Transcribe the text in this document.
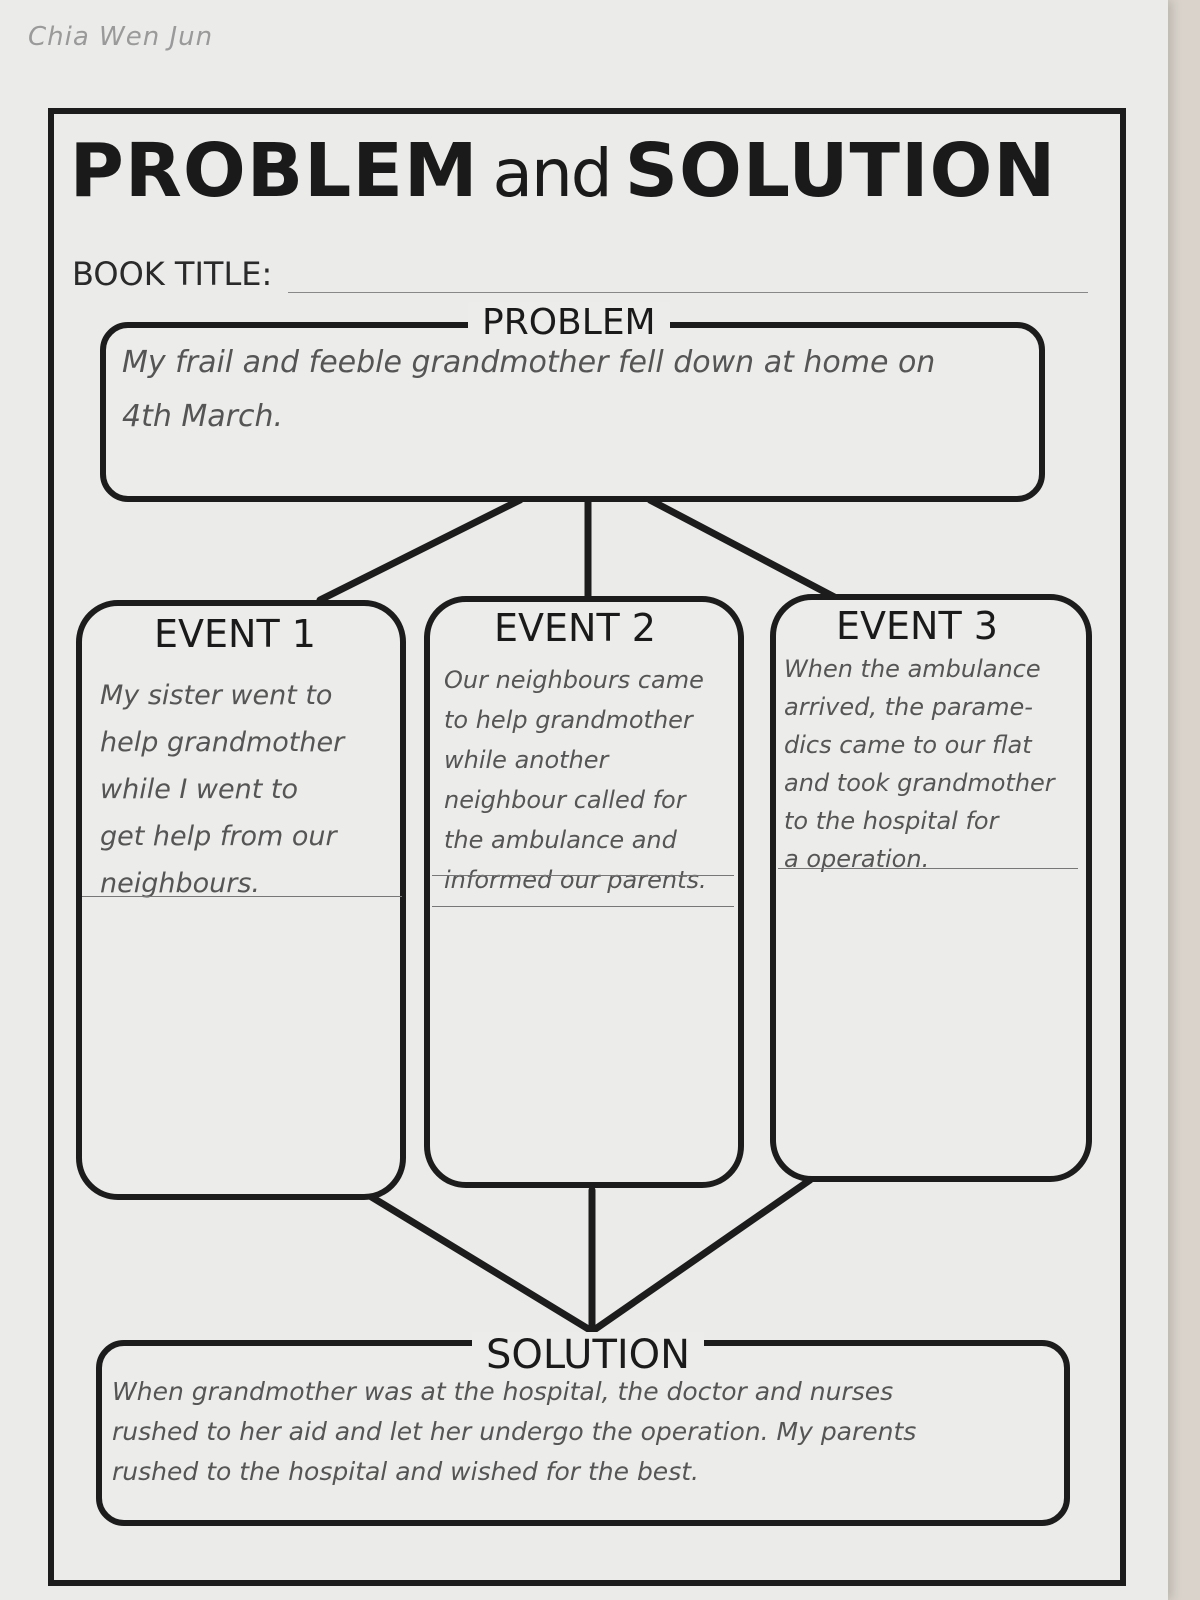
Chia Wen Jun
PROBLEM and SOLUTION
BOOK TITLE:
PROBLEM
My frail and feeble grandmother fell down at home on
4th March.
EVENT 1
My sister went to
help grandmother
while I went to
get help from our
neighbours.
EVENT 2
Our neighbours came
to help grandmother
while another
neighbour called for
the ambulance and
informed our parents.
EVENT 3
When the ambulance
arrived, the parame-
dics came to our flat
and took grandmother
to the hospital for
a operation.
SOLUTION
When grandmother was at the hospital, the doctor and nurses
rushed to her aid and let her undergo the operation. My parents
rushed to the hospital and wished for the best.
